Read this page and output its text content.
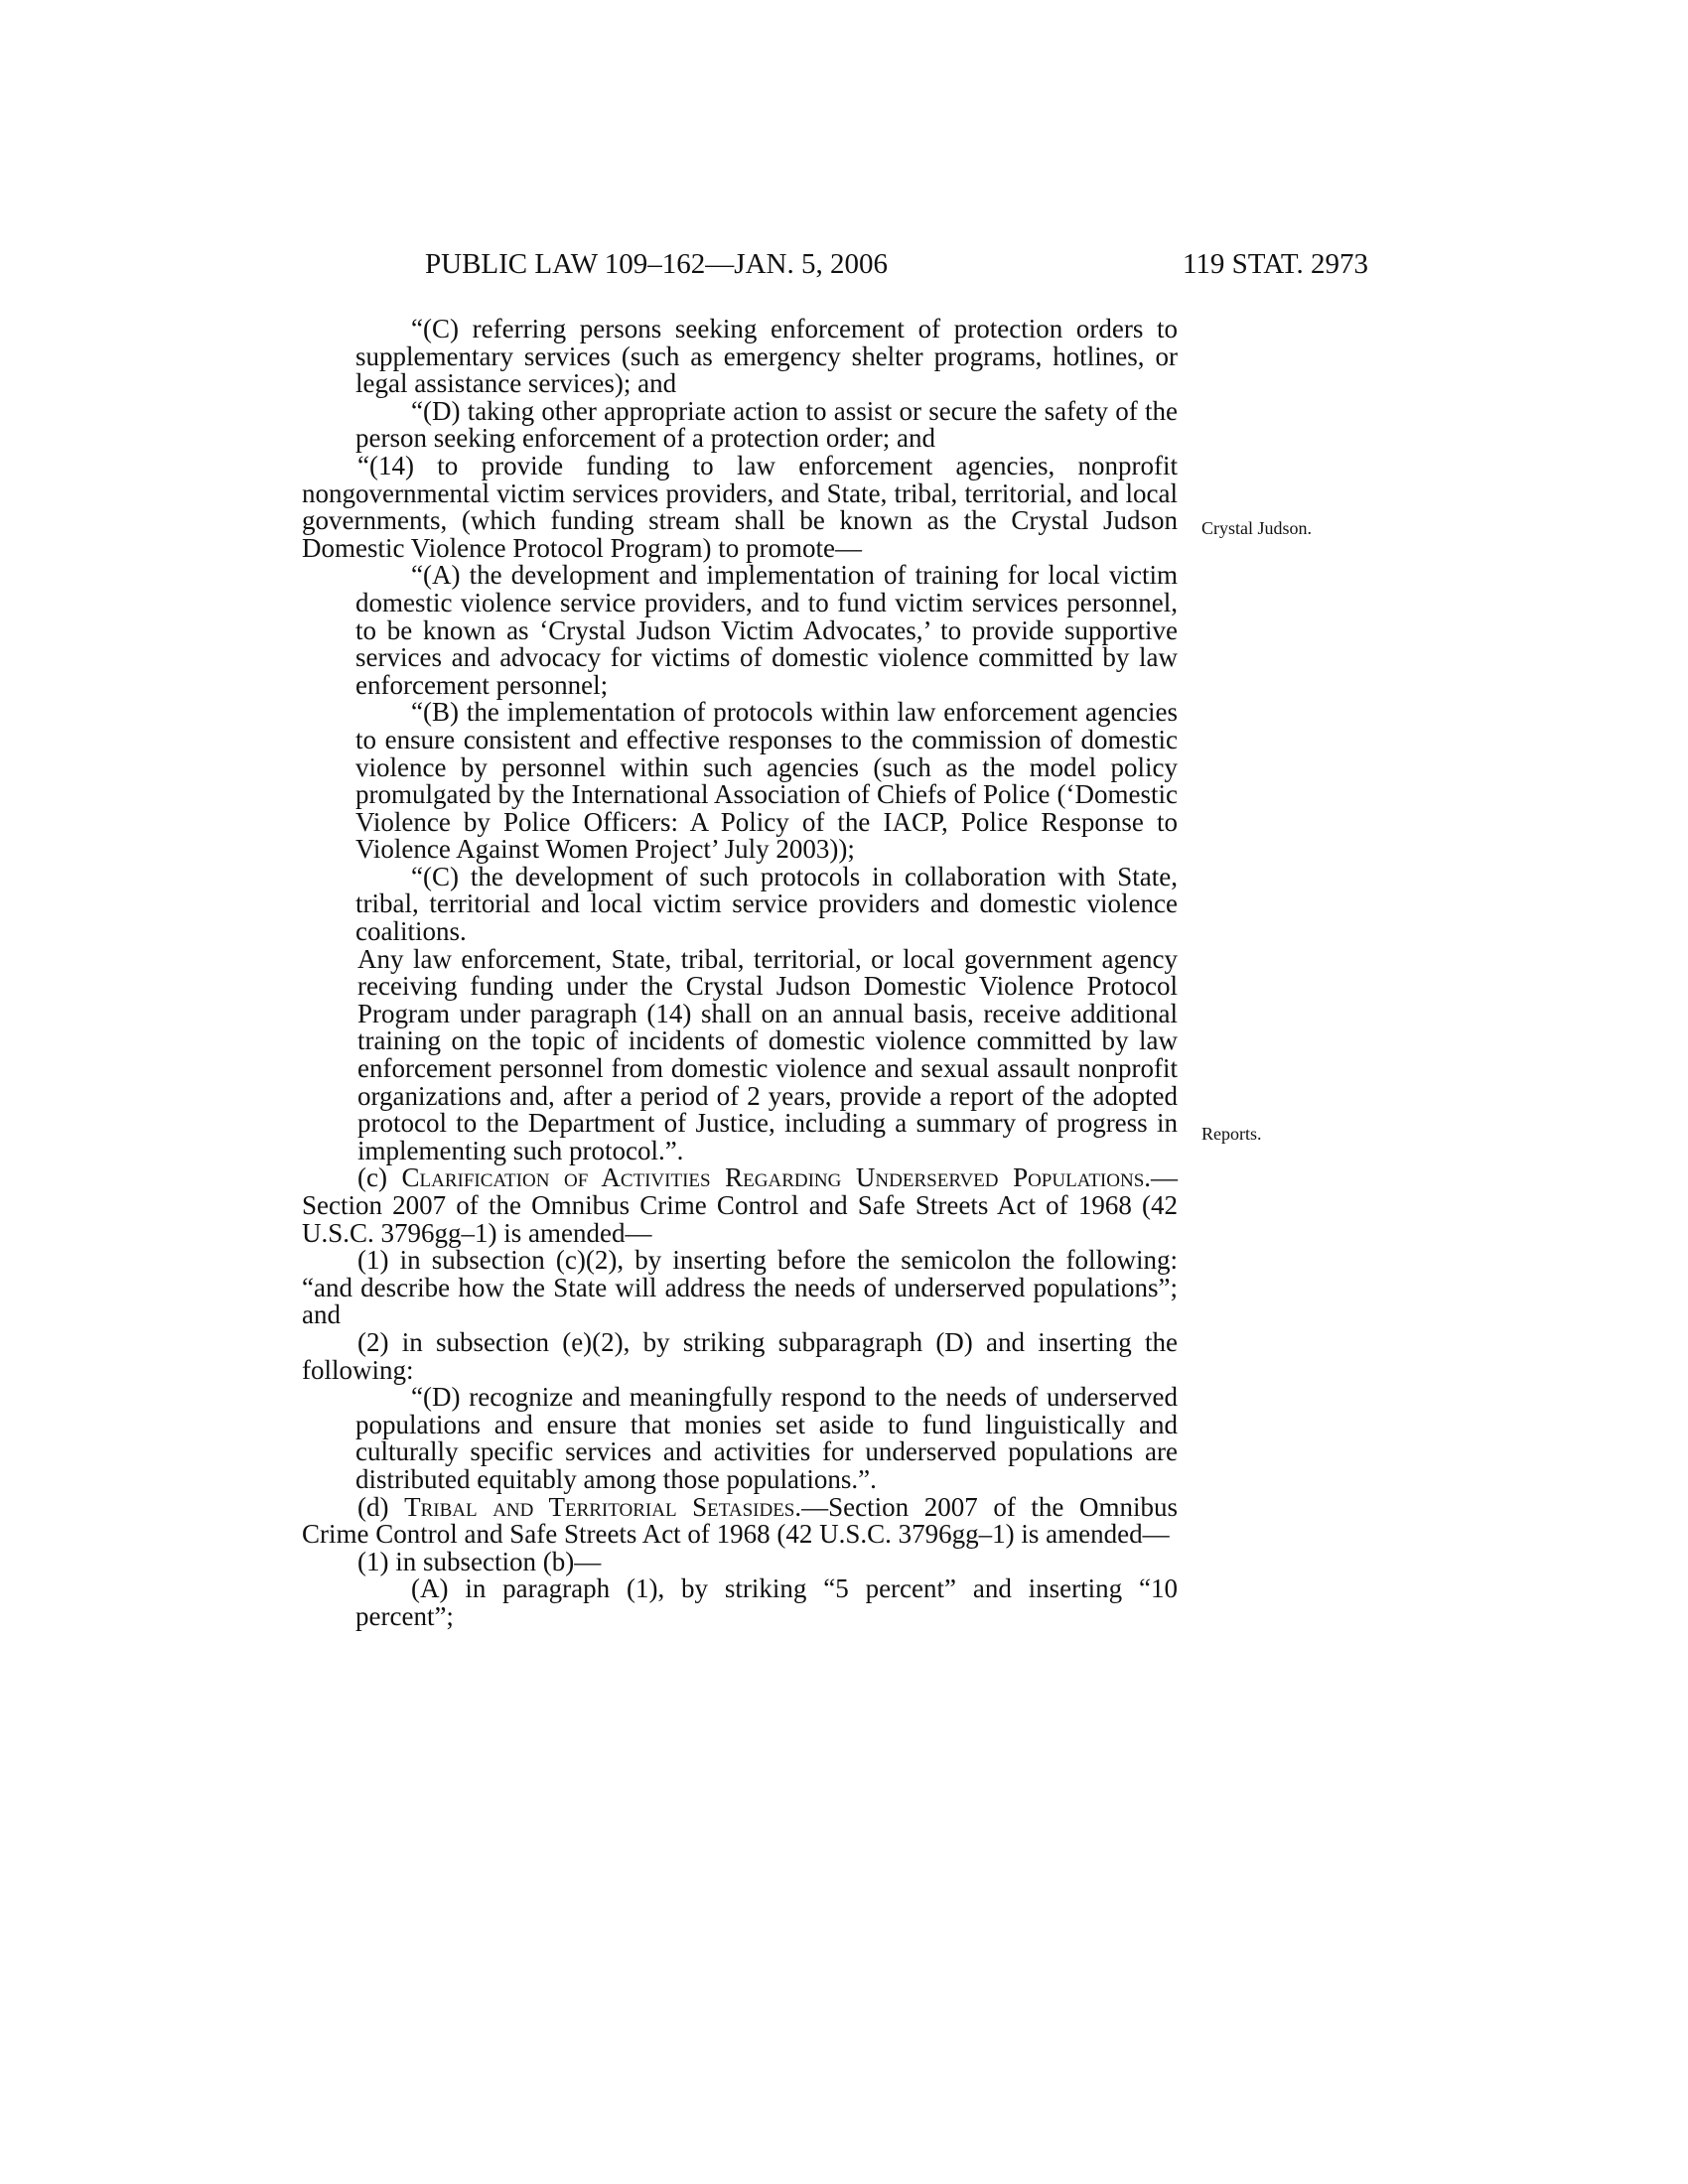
PUBLIC LAW 109–162—JAN. 5, 2006	119 STAT. 2973

“(C) referring persons seeking enforcement of protection orders to supplementary services (such as emergency shelter programs, hotlines, or legal assistance services); and

“(D) taking other appropriate action to assist or secure the safety of the person seeking enforcement of a protection order; and

“(14) to provide funding to law enforcement agencies, nonprofit nongovernmental victim services providers, and State, tribal, territorial, and local governments, (which funding stream shall be known as the Crystal Judson Domestic Violence Protocol Program) to promote—

“(A) the development and implementation of training for local victim domestic violence service providers, and to fund victim services personnel, to be known as ‘Crystal Judson Victim Advocates,’ to provide supportive services and advocacy for victims of domestic violence committed by law enforcement personnel;

“(B) the implementation of protocols within law enforcement agencies to ensure consistent and effective responses to the commission of domestic violence by personnel within such agencies (such as the model policy promulgated by the International Association of Chiefs of Police (‘Domestic Violence by Police Officers: A Policy of the IACP, Police Response to Violence Against Women Project’ July 2003));

“(C) the development of such protocols in collaboration with State, tribal, territorial and local victim service providers and domestic violence coalitions.

Any law enforcement, State, tribal, territorial, or local government agency receiving funding under the Crystal Judson Domestic Violence Protocol Program under paragraph (14) shall on an annual basis, receive additional training on the topic of incidents of domestic violence committed by law enforcement personnel from domestic violence and sexual assault nonprofit organizations and, after a period of 2 years, provide a report of the adopted protocol to the Department of Justice, including a summary of progress in implementing such protocol.”.

(c) Clarification of Activities Regarding Underserved Populations.—Section 2007 of the Omnibus Crime Control and Safe Streets Act of 1968 (42 U.S.C. 3796gg–1) is amended—

(1) in subsection (c)(2), by inserting before the semicolon the following: “and describe how the State will address the needs of underserved populations”; and

(2) in subsection (e)(2), by striking subparagraph (D) and inserting the following:

“(D) recognize and meaningfully respond to the needs of underserved populations and ensure that monies set aside to fund linguistically and culturally specific services and activities for underserved populations are distributed equitably among those populations.”.

(d) Tribal and Territorial Setasides.—Section 2007 of the Omnibus Crime Control and Safe Streets Act of 1968 (42 U.S.C. 3796gg–1) is amended—

(1) in subsection (b)—

(A) in paragraph (1), by striking “5 percent” and inserting “10 percent”;

Crystal Judson.
Reports.
